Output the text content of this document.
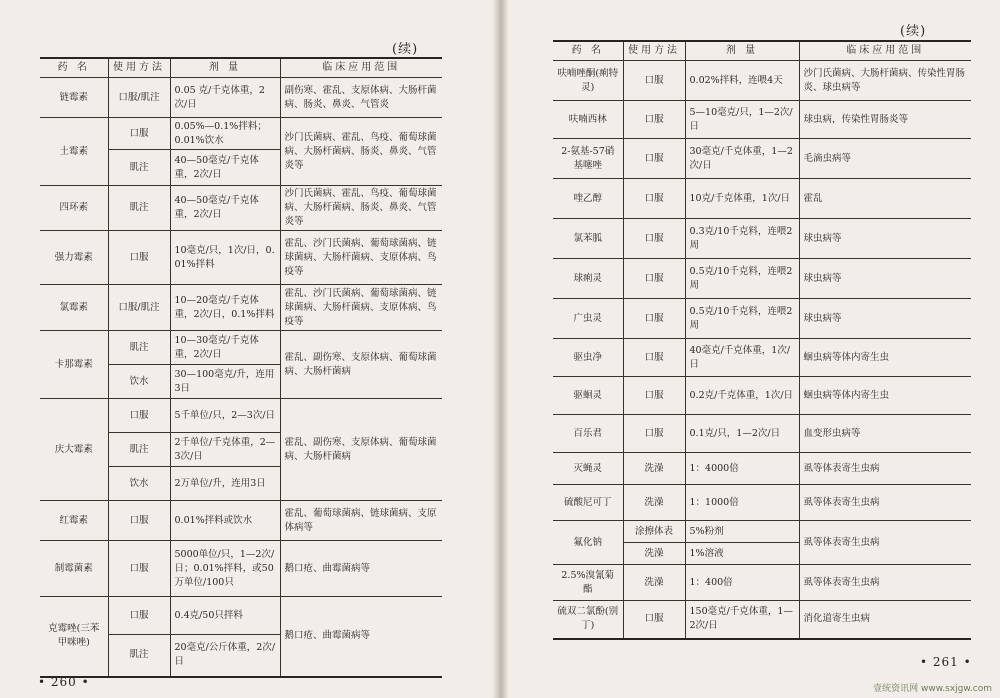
(续)
(续)
药 名	使用方法	剂 量	临床应用范围
链霉素	口服/肌注	0.05 克/千克体重，2次/日	副伤寒、霍乱、支原体病、大肠杆菌病、肠炎、鼻炎、气管炎
土霉素	口服	0.05%—0.1%拌料；0.01%饮水	沙门氏菌病、霍乱、鸟疫、葡萄球菌病、大肠杆菌病、肠炎、鼻炎、气管炎等
	肌注	40—50毫克/千克体重，2次/日	
四环素	肌注	40—50毫克/千克体重，2次/日	沙门氏菌病、霍乱、鸟疫、葡萄球菌病、大肠杆菌病、肠炎、鼻炎、气管炎等
强力霉素	口服	10毫克/只，1次/日，0.01%拌料	霍乱、沙门氏菌病、葡萄球菌病、链球菌病、大肠杆菌病、支原体病、鸟疫等
氯霉素	口服/肌注	10—20毫克/千克体重，2次/日，0.1%拌料	霍乱、沙门氏菌病、葡萄球菌病、链球菌病、大肠杆菌病、支原体病、鸟疫等
卡那霉素	肌注	10—30毫克/千克体重，2次/日	霍乱、副伤寒、支原体病、葡萄球菌病、大肠杆菌病
	饮水	30—100毫克/升，连用3日	
庆大霉素	口服	5千单位/只，2—3次/日	霍乱、副伤寒、支原体病、葡萄球菌病、大肠杆菌病
	肌注	2千单位/千克体重，2—3次/日	
	饮水	2万单位/升，连用3日	
红霉素	口服	0.01%拌料或饮水	霍乱、葡萄球菌病、链球菌病、支原体病等
制霉菌素	口服	5000单位/只，1—2次/日；0.01%拌料，或50万单位/100只	鹅口疮、曲霉菌病等
克霉唑(三苯甲咪唑)	口服	0.4克/50只拌料	鹅口疮、曲霉菌病等
	肌注	20毫克/公斤体重，2次/日	
药 名	使用方法	剂 量	临床应用范围
呋喃唑酮(痢特灵)	口服	0.02%拌料，连喂4天	沙门氏菌病、大肠杆菌病、传染性胃肠炎、球虫病等
呋喃西林	口服	5—10毫克/只，1—2次/日	球虫病，传染性胃肠炎等
2-氨基-57硝基噻唑	口服	30毫克/千克体重，1—2次/日	毛滴虫病等
喹乙醇	口服	10克/千克体重，1次/日	霍乱
氯苯胍	口服	0.3克/10千克料，连喂2周	球虫病等
球痢灵	口服	0.5克/10千克料，连喂2周	球虫病等
广虫灵	口服	0.5克/10千克料，连喂2周	球虫病等
驱虫净	口服	40毫克/千克体重，1次/日	蛔虫病等体内寄生虫
驱蛔灵	口服	0.2克/千克体重，1次/日	蛔虫病等体内寄生虫
百乐君	口服	0.1克/只，1—2次/日	血变形虫病等
灭蝇灵	洗澡	1：4000倍	虱等体表寄生虫病
硫酸尼可丁	洗澡	1：1000倍	虱等体表寄生虫病
氟化钠	涂擦体表	5%粉剂	虱等体表寄生虫病
	洗澡	1%溶液	
2.5%溴氰菊酯	洗澡	1：400倍	虱等体表寄生虫病
硫双二氯酚(别丁)	口服	150毫克/千克体重，1—2次/日	消化道寄生虫病
• 260 •
• 261 •
壹统资讯网 www.sxjgw.com
